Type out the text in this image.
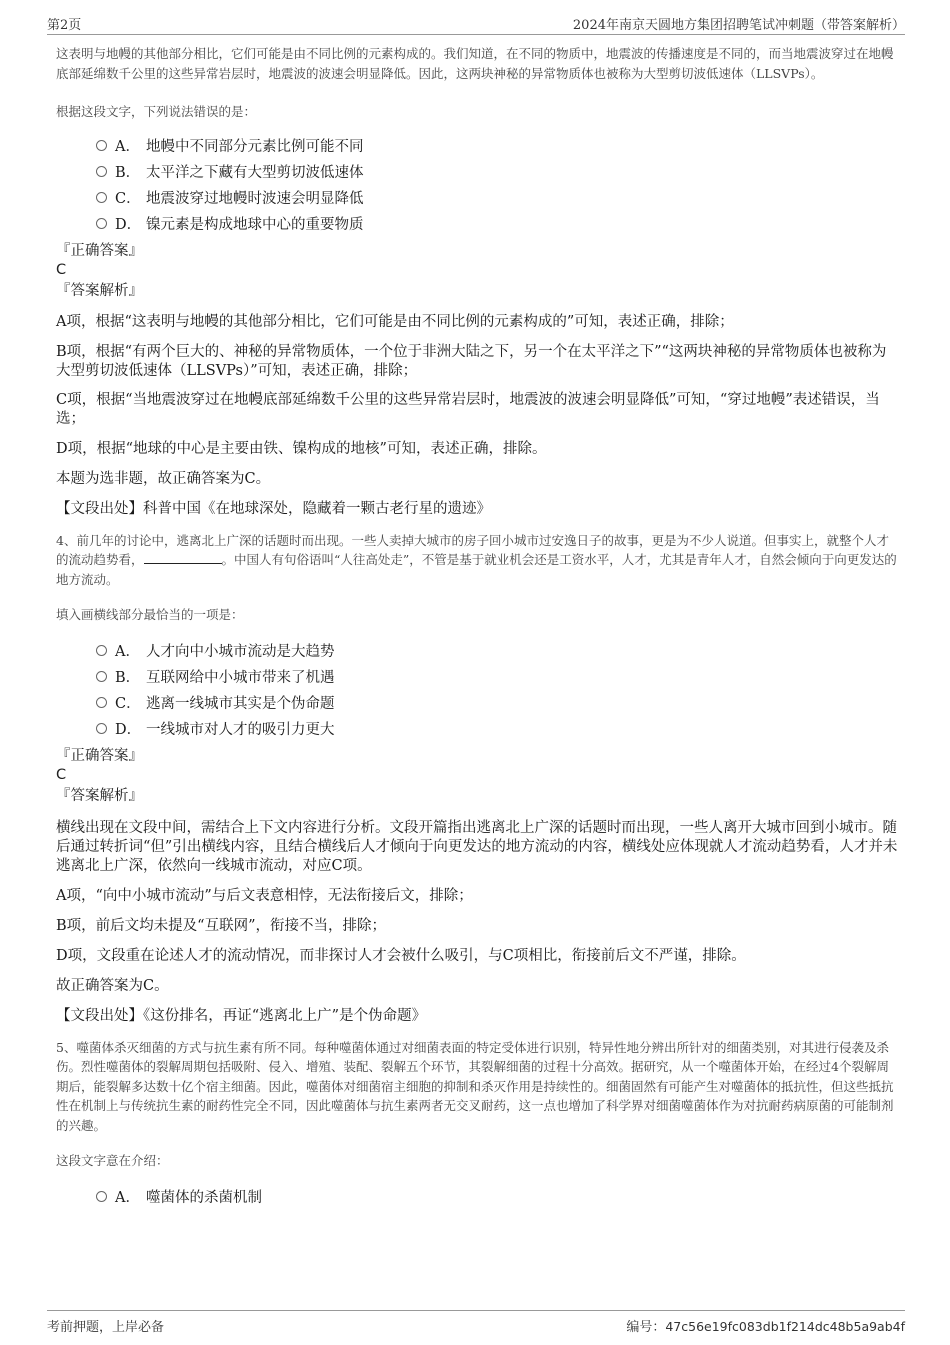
第2页	2024年南京天圆地方集团招聘笔试冲刺题（带答案解析）

这表明与地幔的其他部分相比，它们可能是由不同比例的元素构成的。我们知道，在不同的物质中，地震波的传播速度是不同的，而当地震波穿过在地幔底部延绵数千公里的这些异常岩层时，地震波的波速会明显降低。因此，这两块神秘的异常物质体也被称为大型剪切波低速体（LLSVPs）。

根据这段文字，下列说法错误的是：

A． 地幔中不同部分元素比例可能不同
B． 太平洋之下藏有大型剪切波低速体
C． 地震波穿过地幔时波速会明显降低
D． 镍元素是构成地球中心的重要物质

『正确答案』

C

『答案解析』

A项，根据“这表明与地幔的其他部分相比，它们可能是由不同比例的元素构成的”可知，表述正确，排除；

B项，根据“有两个巨大的、神秘的异常物质体，一个位于非洲大陆之下，另一个在太平洋之下”“这两块神秘的异常物质体也被称为大型剪切波低速体（LLSVPs）”可知，表述正确，排除；

C项，根据“当地震波穿过在地幔底部延绵数千公里的这些异常岩层时，地震波的波速会明显降低”可知，“穿过地幔”表述错误，当选；

D项，根据“地球的中心是主要由铁、镍构成的地核”可知，表述正确，排除。

本题为选非题，故正确答案为C。

【文段出处】科普中国《在地球深处，隐藏着一颗古老行星的遗迹》

4、前几年的讨论中，逃离北上广深的话题时而出现。一些人卖掉大城市的房子回小城市过安逸日子的故事，更是为不少人说道。但事实上，就整个人才的流动趋势看，	。中国人有句俗语叫“人往高处走”，不管是基于就业机会还是工资水平，人才，尤其是青年人才，自然会倾向于向更发达的地方流动。

填入画横线部分最恰当的一项是：

A． 人才向中小城市流动是大趋势
B． 互联网给中小城市带来了机遇
C． 逃离一线城市其实是个伪命题
D． 一线城市对人才的吸引力更大

『正确答案』

C

『答案解析』

横线出现在文段中间，需结合上下文内容进行分析。文段开篇指出逃离北上广深的话题时而出现，一些人离开大城市回到小城市。随后通过转折词“但”引出横线内容，且结合横线后人才倾向于向更发达的地方流动的内容，横线处应体现就人才流动趋势看，人才并未逃离北上广深，依然向一线城市流动，对应C项。

A项，“向中小城市流动”与后文表意相悖，无法衔接后文，排除；

B项，前后文均未提及“互联网”，衔接不当，排除；

D项，文段重在论述人才的流动情况，而非探讨人才会被什么吸引，与C项相比，衔接前后文不严谨，排除。

故正确答案为C。

【文段出处】《这份排名，再证“逃离北上广”是个伪命题》

5、噬菌体杀灭细菌的方式与抗生素有所不同。每种噬菌体通过对细菌表面的特定受体进行识别，特异性地分辨出所针对的细菌类别，对其进行侵袭及杀伤。烈性噬菌体的裂解周期包括吸附、侵入、增殖、装配、裂解五个环节，其裂解细菌的过程十分高效。据研究，从一个噬菌体开始，在经过4个裂解周期后，能裂解多达数十亿个宿主细菌。因此，噬菌体对细菌宿主细胞的抑制和杀灭作用是持续性的。细菌固然有可能产生对噬菌体的抵抗性，但这些抵抗性在机制上与传统抗生素的耐药性完全不同，因此噬菌体与抗生素两者无交叉耐药，这一点也增加了科学界对细菌噬菌体作为对抗耐药病原菌的可能制剂的兴趣。

这段文字意在介绍：

A． 噬菌体的杀菌机制
考前押题，上岸必备	编号：47c56e19fc083db1f214dc48b5a9ab4f
